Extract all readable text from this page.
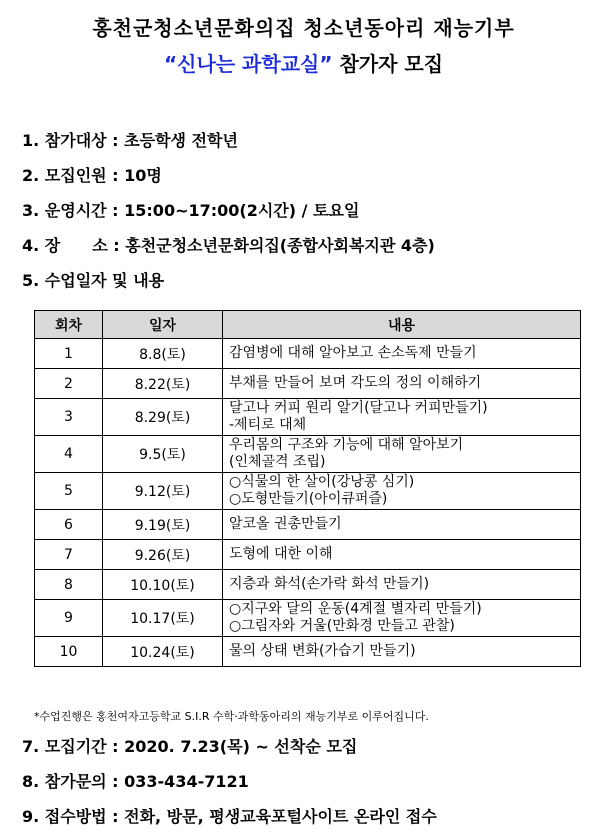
홍천군청소년문화의집 청소년동아리 재능기부
“신나는 과학교실” 참가자 모집
1. 참가대상 : 초등학생 전학년
2. 모집인원 : 10명
3. 운영시간 : 15:00~17:00(2시간) / 토요일
4. 장　　소 : 홍천군청소년문화의집(종합사회복지관 4층)
5. 수업일자 및 내용
회차	일자	내용
1	8.8(토)	감염병에 대해 알아보고 손소독제 만들기

2	8.22(토)	부채를 만들어 보며 각도의 정의 이해하기

3	8.29(토)	달고나 커피 원리 알기(달고나 커피만들기)
-제티로 대체

4	9.5(토)	우리몸의 구조와 기능에 대해 알아보기
(인체골격 조립)

5	9.12(토)	○식물의 한 살이(강낭콩 심기)
○도형만들기(아이큐퍼즐)

6	9.19(토)	알코올 권총만들기

7	9.26(토)	도형에 대한 이해

8	10.10(토)	지층과 화석(손가락 화석 만들기)

9	10.17(토)	○지구와 달의 운동(4계절 별자리 만들기)
○그림자와 거울(만화경 만들고 관찰)

10	10.24(토)	물의 상태 변화(가습기 만들기)
*수업진행은 홍천여자고등학교 S.I.R 수학·과학동아리의 재능기부로 이루어집니다.
7. 모집기간 : 2020. 7.23(목) ~ 선착순 모집
8. 참가문의 : 033-434-7121
9. 접수방법 : 전화, 방문, 평생교육포털사이트 온라인 접수
